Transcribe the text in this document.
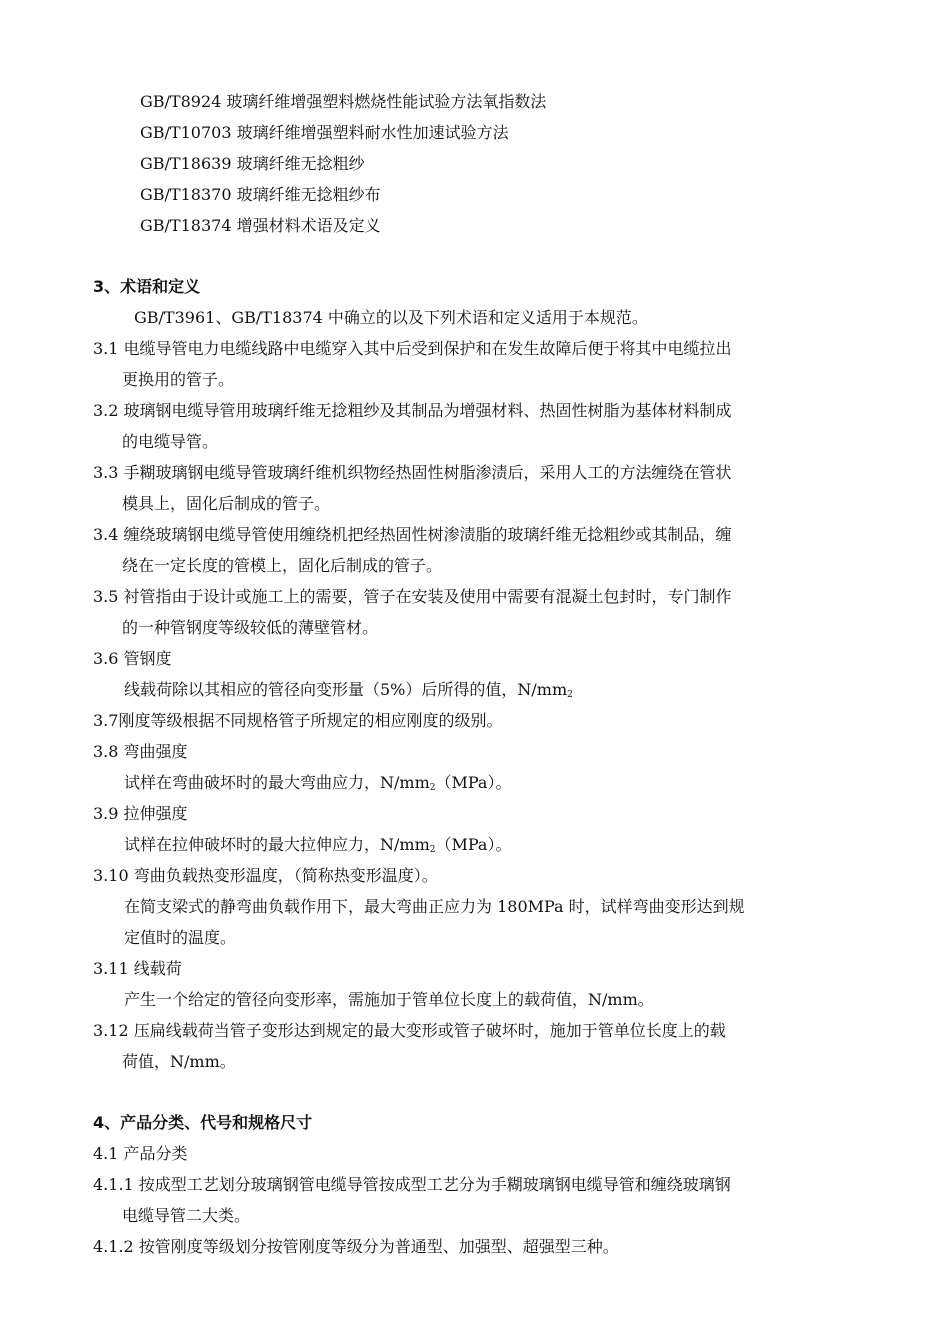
GB/T8924 玻璃纤维增强塑料燃烧性能试验方法氧指数法
GB/T10703 玻璃纤维增强塑料耐水性加速试验方法
GB/T18639 玻璃纤维无捻粗纱
GB/T18370 玻璃纤维无捻粗纱布
GB/T18374 增强材料术语及定义
3、术语和定义
GB/T3961、GB/T18374 中确立的以及下列术语和定义适用于本规范。
3.1 电缆导管电力电缆线路中电缆穿入其中后受到保护和在发生故障后便于将其中电缆拉出
更换用的管子。
3.2 玻璃钢电缆导管用玻璃纤维无捻粗纱及其制品为增强材料、热固性树脂为基体材料制成
的电缆导管。
3.3 手糊玻璃钢电缆导管玻璃纤维机织物经热固性树脂渗渍后，采用人工的方法缠绕在管状
模具上，固化后制成的管子。
3.4 缠绕玻璃钢电缆导管使用缠绕机把经热固性树渗渍脂的玻璃纤维无捻粗纱或其制品，缠
绕在一定长度的管模上，固化后制成的管子。
3.5 衬管指由于设计或施工上的需要，管子在安装及使用中需要有混凝土包封时，专门制作
的一种管钢度等级较低的薄壁管材。
3.6 管钢度
线载荷除以其相应的管径向变形量（5%）后所得的值，$N/mm_2$
3.7刚度等级根据不同规格管子所规定的相应刚度的级别。
3.8 弯曲强度
试样在弯曲破坏时的最大弯曲应力，$N/mm_2(MPa)$。
3.9 拉伸强度
试样在拉伸破坏时的最大拉伸应力，$N/mm_2(MPa)$。
3.10 弯曲负载热变形温度，（简称热变形温度）。
在简支梁式的静弯曲负载作用下，最大弯曲正应力为 180MPa 时，试样弯曲变形达到规
定值时的温度。
3.11 线载荷
产生一个给定的管径向变形率，需施加于管单位长度上的载荷值，N/mm。
3.12 压扁线载荷当管子变形达到规定的最大变形或管子破坏时，施加于管单位长度上的载
荷值，N/mm。
4、产品分类、代号和规格尺寸
4.1 产品分类
4.1.1 按成型工艺划分玻璃钢管电缆导管按成型工艺分为手糊玻璃钢电缆导管和缠绕玻璃钢
电缆导管二大类。
4.1.2 按管刚度等级划分按管刚度等级分为普通型、加强型、超强型三种。
